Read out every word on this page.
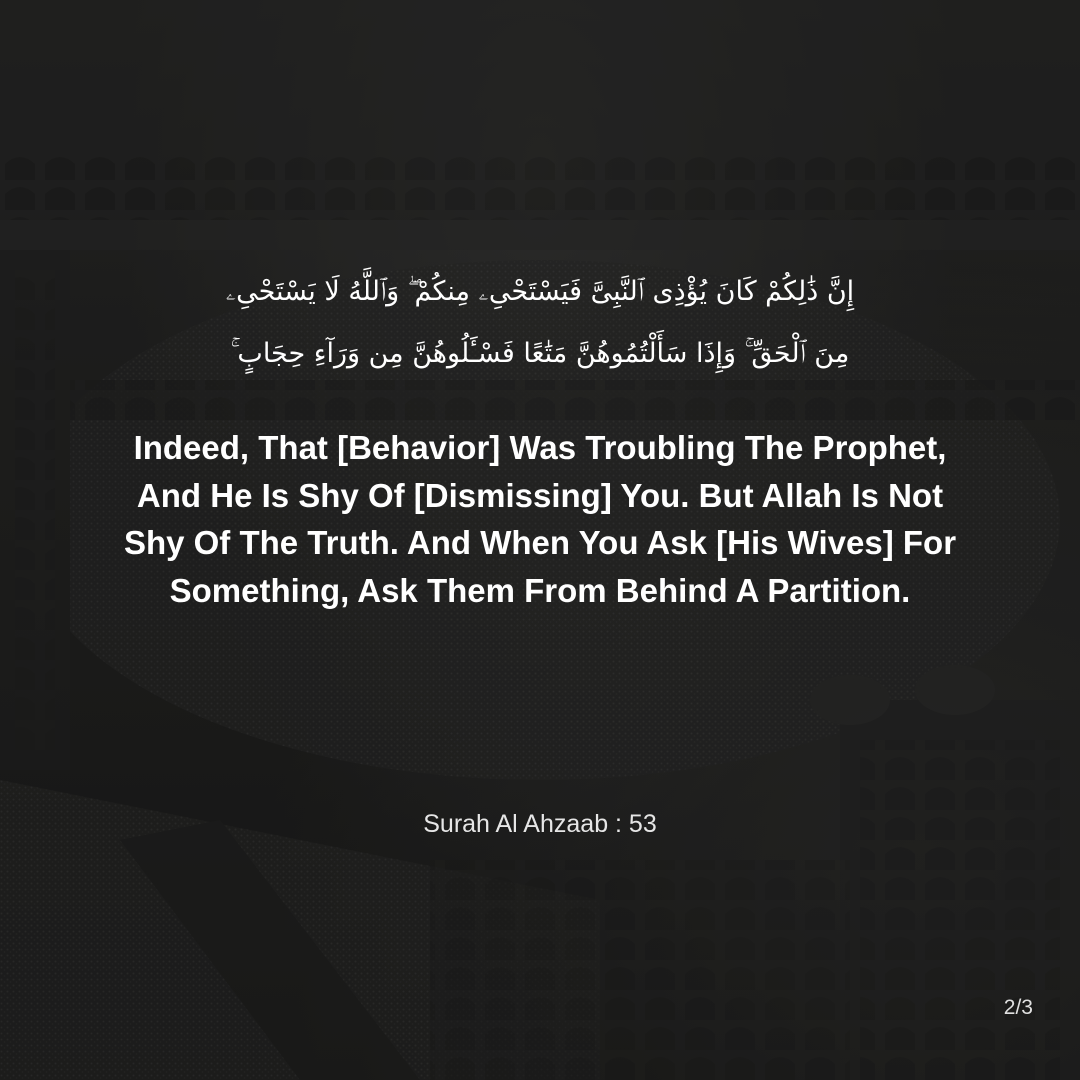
إِنَّ ذَٰلِكُمْ كَانَ يُؤْذِى ٱلنَّبِىَّ فَيَسْتَحْىِۦ مِنكُمْ ۖ وَٱللَّهُ لَا يَسْتَحْىِۦ
مِنَ ٱلْحَقِّ ۚ وَإِذَا سَأَلْتُمُوهُنَّ مَتَٰعًا فَسْـَٔلُوهُنَّ مِن وَرَآءِ حِجَابٍ ۚ

Indeed, That [Behavior] Was Troubling The Prophet, And He Is Shy Of [Dismissing] You. But Allah Is Not Shy Of The Truth. And When You Ask [His Wives] For Something, Ask Them From Behind A Partition.

Surah Al Ahzaab : 53
2/3
